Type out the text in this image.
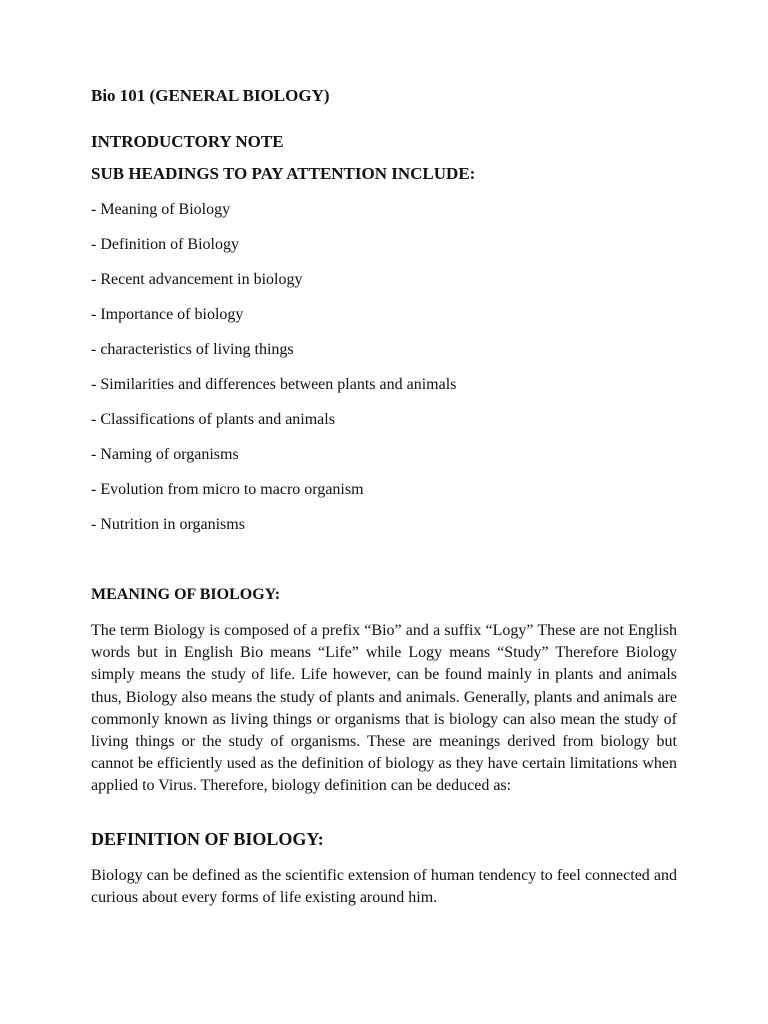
Bio 101 (GENERAL BIOLOGY)
INTRODUCTORY NOTE
SUB HEADINGS TO PAY ATTENTION INCLUDE:
- Meaning of Biology
- Definition of Biology
- Recent advancement in biology
- Importance of biology
- characteristics of living things
- Similarities and differences between plants and animals
- Classifications of plants and animals
- Naming of organisms
- Evolution from micro to macro organism
- Nutrition in organisms
MEANING OF BIOLOGY:

The term Biology is composed of a prefix “Bio” and a suffix “Logy” These are not English words but in English Bio means “Life” while Logy means “Study” Therefore Biology simply means the study of life. Life however, can be found mainly in plants and animals thus, Biology also means the study of plants and animals. Generally, plants and animals are commonly known as living things or organisms that is biology can also mean the study of living things or the study of organisms. These are meanings derived from biology but cannot be efficiently used as the definition of biology as they have certain limitations when applied to Virus. Therefore, biology definition can be deduced as:

DEFINITION OF BIOLOGY:

Biology can be defined as the scientific extension of human tendency to feel connected and curious about every forms of life existing around him.
